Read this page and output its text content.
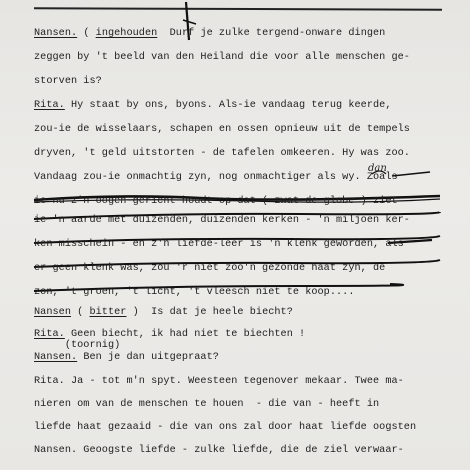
dan
Nansen. ( ingehouden  Durf je zulke tergend-onware dingen
zeggen by 't beeld van den Heiland die voor alle menschen ge-
storven is?
Rita. Hy staat by ons, byons. Als-ie vandaag terug keerde,
zou-ie de wisselaars, schapen en ossen opnieuw uit de tempels
dryven, 't geld uitstorten - de tafelen omkeeren. Hy was zoo.
Vandaag zou-ie onmachtig zyn, nog onmachtiger als wy. Zoals
ie nu z'n oogen gericht houdt op dat ( zwat de globe ) ziet
ie 'n aarde met duizenden, duizenden kerken - 'n miljoen ker-
ken misschein - en z'n liefde-leer is 'n klenk geworden, als
er geen klenk was, zou 'r niet zoo'n gezonde haat zyn, de
zon, 't groen, 't licht, 't vleesch niet te koop....
Nansen ( bitter )  Is dat je heele biecht?
Rita. Geen biecht, ik had niet te biechten !
(toornig)
Nansen. Ben je dan uitgepraat?
Rita. Ja - tot m'n spyt. Weesteen tegenover mekaar. Twee ma-
nieren om van de menschen te houen  - die van - heeft in
liefde haat gezaaid - die van ons zal door haat liefde oogsten
Nansen. Geoogste liefde - zulke liefde, die de ziel verwaar-
